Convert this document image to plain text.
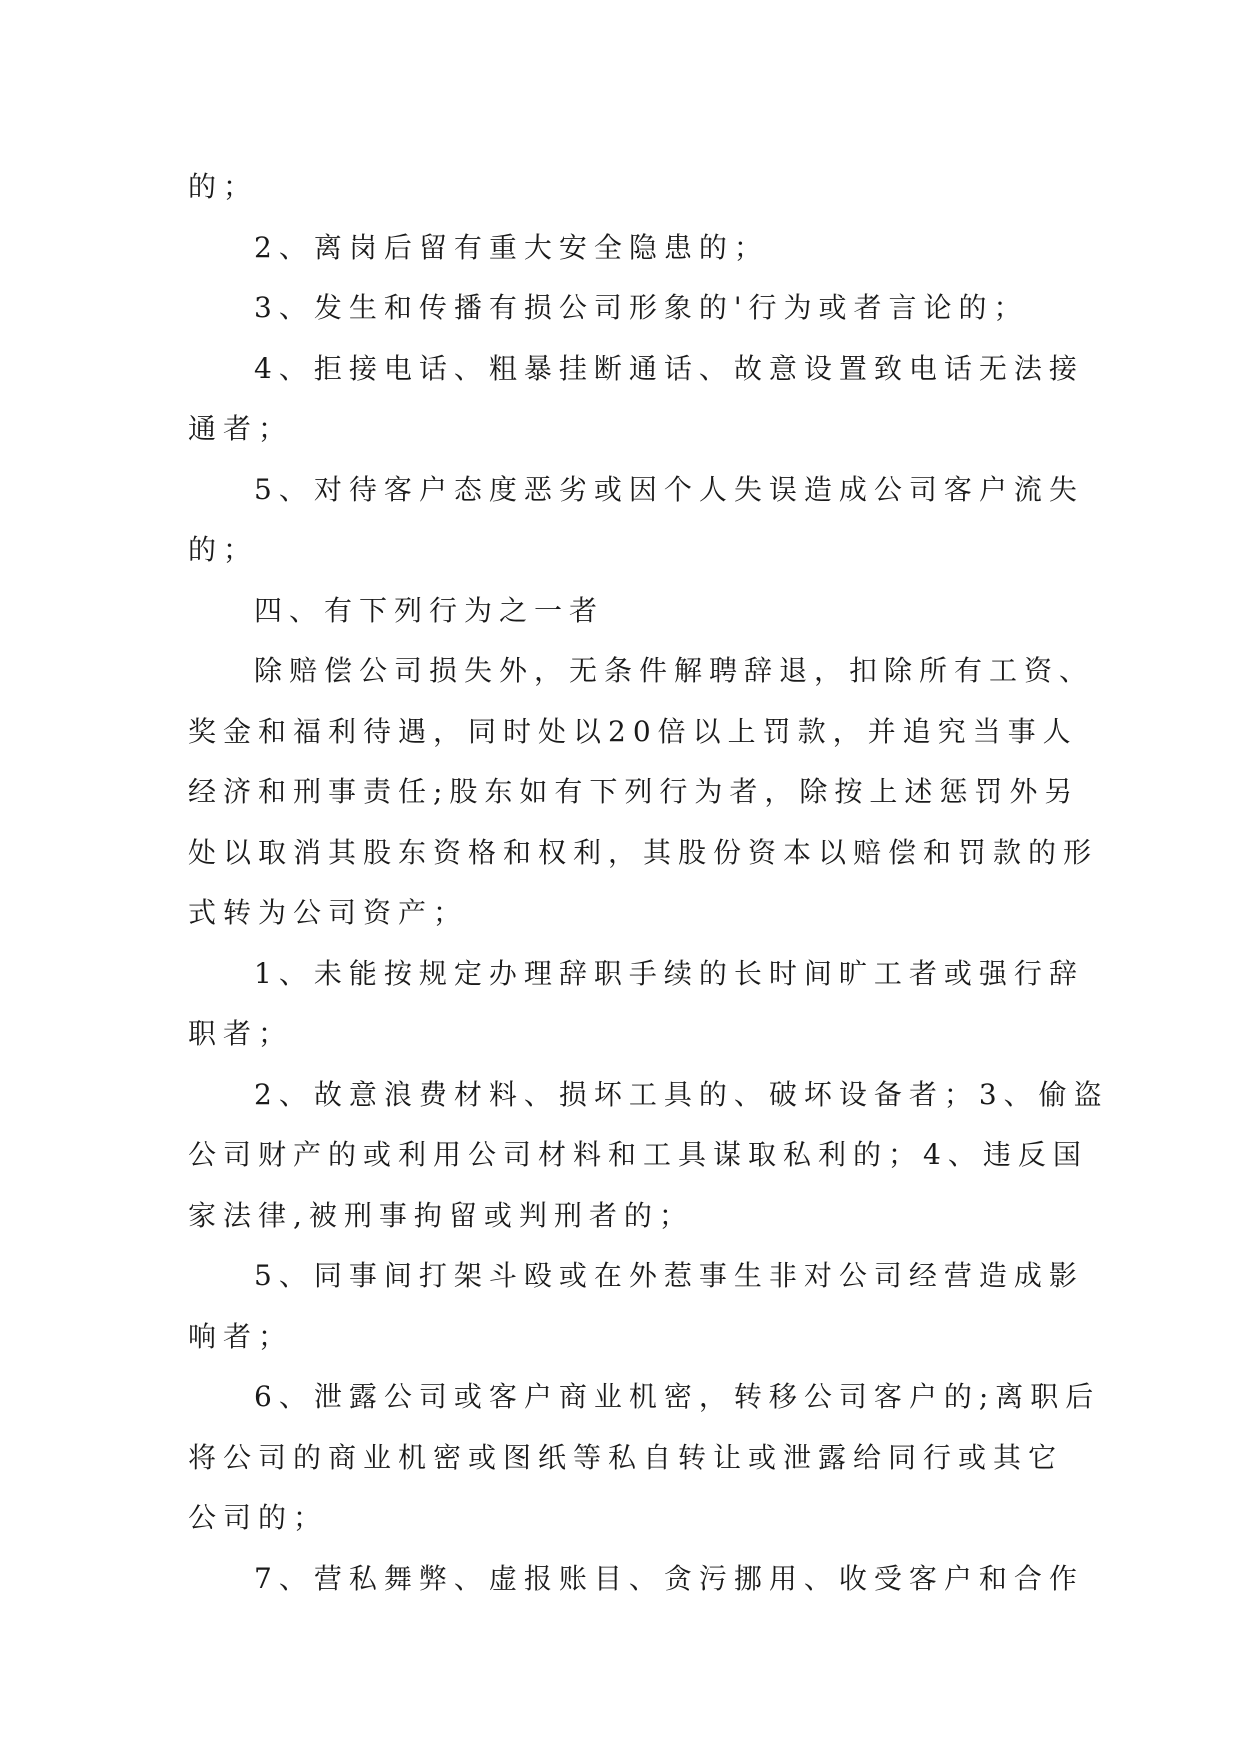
的；
2、离岗后留有重大安全隐患的；
3、发生和传播有损公司形象的'行为或者言论的；
4、拒接电话、粗暴挂断通话、故意设置致电话无法接
通者；
5、对待客户态度恶劣或因个人失误造成公司客户流失
的；
四、有下列行为之一者
除赔偿公司损失外，无条件解聘辞退，扣除所有工资、
奖金和福利待遇，同时处以20倍以上罚款，并追究当事人
经济和刑事责任;股东如有下列行为者，除按上述惩罚外另
处以取消其股东资格和权利，其股份资本以赔偿和罚款的形
式转为公司资产；
1、未能按规定办理辞职手续的长时间旷工者或强行辞
职者；
2、故意浪费材料、损坏工具的、破坏设备者；3、偷盗
公司财产的或利用公司材料和工具谋取私利的；4、违反国
家法律,被刑事拘留或判刑者的；
5、同事间打架斗殴或在外惹事生非对公司经营造成影
响者；
6、泄露公司或客户商业机密，转移公司客户的;离职后
将公司的商业机密或图纸等私自转让或泄露给同行或其它
公司的；
7、营私舞弊、虚报账目、贪污挪用、收受客户和合作
